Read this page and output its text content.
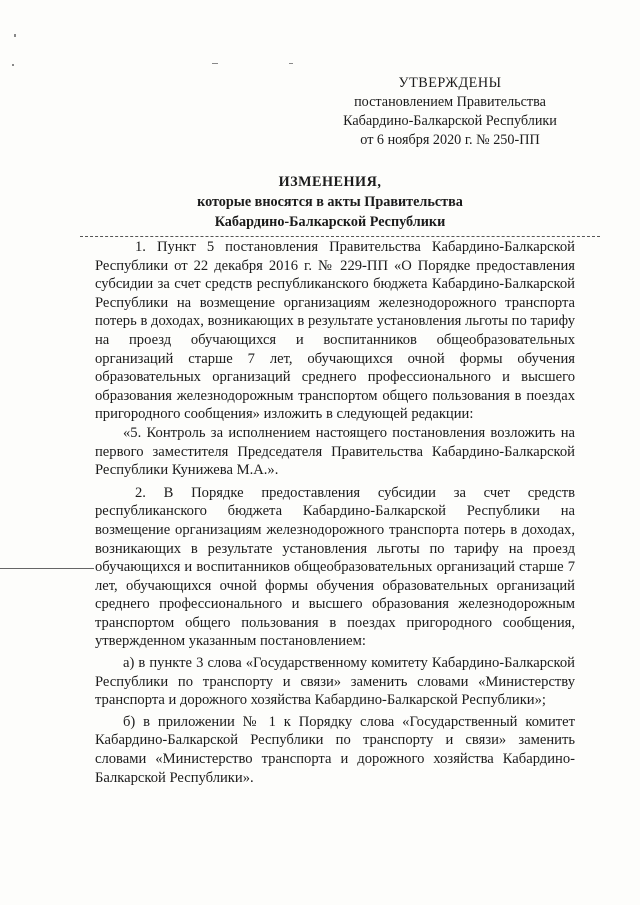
УТВЕРЖДЕНЫ
постановлением Правительства
Кабардино-Балкарской Республики
от 6 ноября 2020 г. № 250-ПП
ИЗМЕНЕНИЯ,
которые вносятся в акты Правительства
Кабардино-Балкарской Республики

1. Пункт 5 постановления Правительства Кабардино-Балкарской Республики от 22 декабря 2016 г. № 229-ПП «О Порядке предоставления субсидии за счет средств республиканского бюджета Кабардино-Балкарской Республики на возмещение организациям железнодорожного транспорта потерь в доходах, возникающих в результате установления льготы по тарифу на проезд обучающихся и воспитанников общеобразовательных организаций старше 7 лет, обучающихся очной формы обучения образовательных организаций среднего профессионального и высшего образования железнодорожным транспортом общего пользования в поездах пригородного сообщения» изложить в следующей редакции:

«5. Контроль за исполнением настоящего постановления возложить на первого заместителя Председателя Правительства Кабардино-Балкарской Республики Кунижева М.А.».

2. В Порядке предоставления субсидии за счет средств республиканского бюджета Кабардино-Балкарской Республики на возмещение организациям железнодорожного транспорта потерь в доходах, возникающих в результате установления льготы по тарифу на проезд обучающихся и воспитанников общеобразовательных организаций старше 7 лет, обучающихся очной формы обучения образовательных организаций среднего профессионального и высшего образования железнодорожным транспортом общего пользования в поездах пригородного сообщения, утвержденном указанным постановлением:

а) в пункте 3 слова «Государственному комитету Кабардино-Балкарской Республики по транспорту и связи» заменить словами «Министерству транспорта и дорожного хозяйства Кабардино-Балкарской Республики»;

б) в приложении № 1 к Порядку слова «Государственный комитет Кабардино-Балкарской Республики по транспорту и связи» заменить словами «Министерство транспорта и дорожного хозяйства Кабардино-Балкарской Республики».
